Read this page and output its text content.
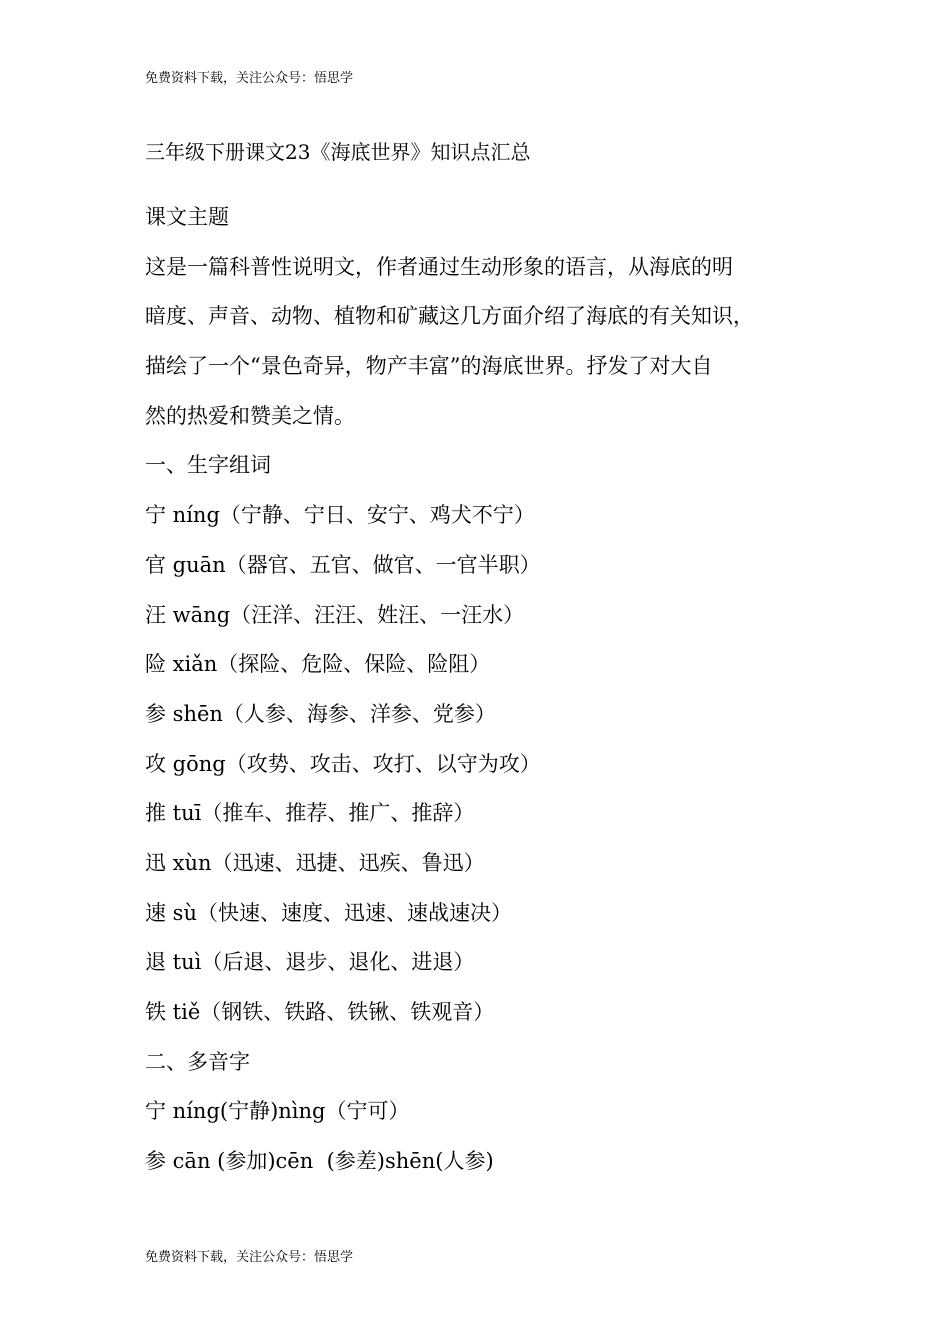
免费资料下载，关注公众号：悟思学
三年级下册课文23《海底世界》知识点汇总
课文主题
这是一篇科普性说明文，作者通过生动形象的语言，从海底的明
暗度、声音、动物、植物和矿藏这几方面介绍了海底的有关知识，
描绘了一个“景色奇异，物产丰富”的海底世界。抒发了对大自
然的热爱和赞美之情。
一、生字组词
宁 níng（宁静、宁日、安宁、鸡犬不宁）
官 guān（器官、五官、做官、一官半职）
汪 wāng（汪洋、汪汪、姓汪、一汪水）
险 xiǎn（探险、危险、保险、险阻）
参 shēn（人参、海参、洋参、党参）
攻 gōng（攻势、攻击、攻打、以守为攻）
推 tuī（推车、推荐、推广、推辞）
迅 xùn（迅速、迅捷、迅疾、鲁迅）
速 sù（快速、速度、迅速、速战速决）
退 tuì（后退、退步、退化、进退）
铁 tiě（钢铁、铁路、铁锹、铁观音）
二、多音字
宁 níng(宁静)nìng（宁可）
参 cān (参加)cēn  (参差)shēn(人参)
免费资料下载，关注公众号：悟思学
